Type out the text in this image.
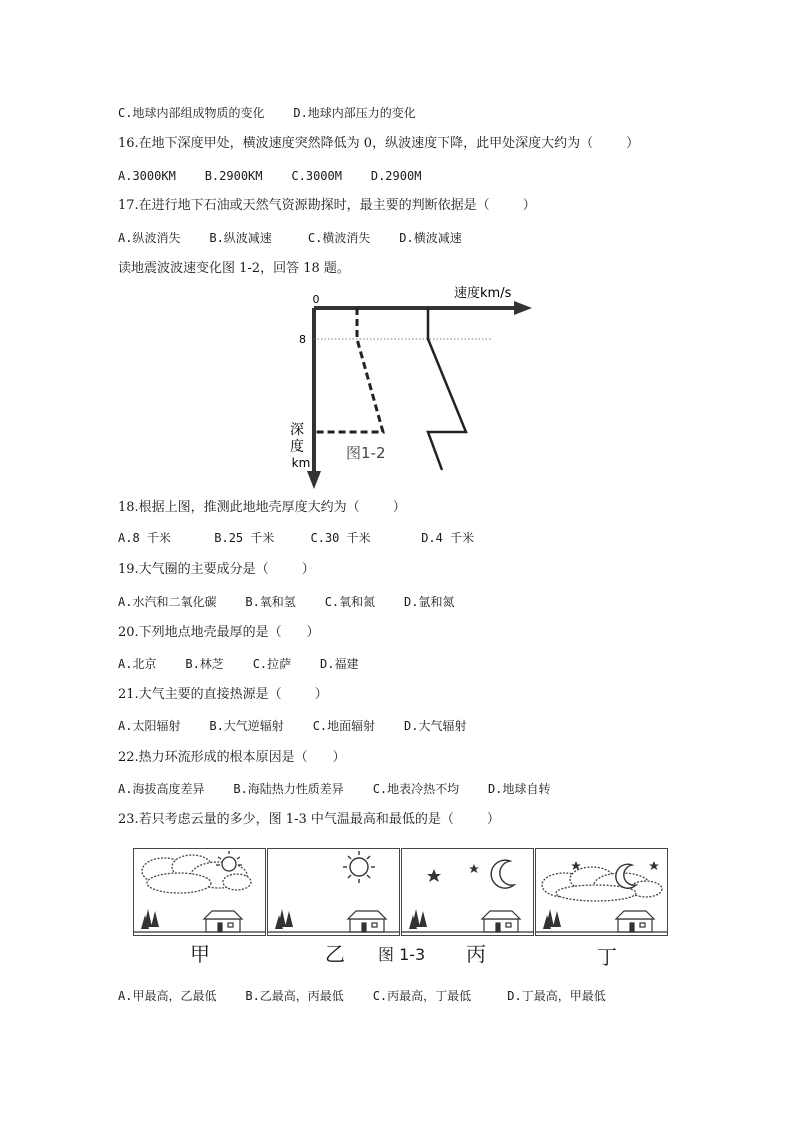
C.地球内部组成物质的变化    D.地球内部压力的变化
16.在地下深度甲处，横波速度突然降低为 0，纵波速度下降，此甲处深度大约为（        ）
A.3000KM    B.2900KM    C.3000M    D.2900M
17.在进行地下石油或天然气资源勘探时，最主要的判断依据是（        ）
A.纵波消失    B.纵波减速     C.横波消失    D.横波减速
读地震波波速变化图 1-2，回答 18 题。
0
8
速度km/s
深
度
km
图1-2
18.根据上图，推测此地地壳厚度大约为（        ）
A.8 千米      B.25 千米     C.30 千米       D.4 千米
19.大气圈的主要成分是（        ）
A.水汽和二氧化碳    B.氧和氢    C.氧和氮    D.氩和氮
20.下列地点地壳最厚的是（      ）
A.北京    B.林芝    C.拉萨    D.福建
21.大气主要的直接热源是（        ）
A.太阳辐射    B.大气逆辐射    C.地面辐射    D.大气辐射
22.热力环流形成的根本原因是（      ）
A.海拔高度差异    B.海陆热力性质差异    C.地表冷热不均    D.地球自转
23.若只考虑云量的多少，图 1-3 中气温最高和最低的是（        ）
甲	乙 图 1-3 丙	丁
A.甲最高，乙最低    B.乙最高，丙最低    C.丙最高，丁最低     D.丁最高，甲最低
